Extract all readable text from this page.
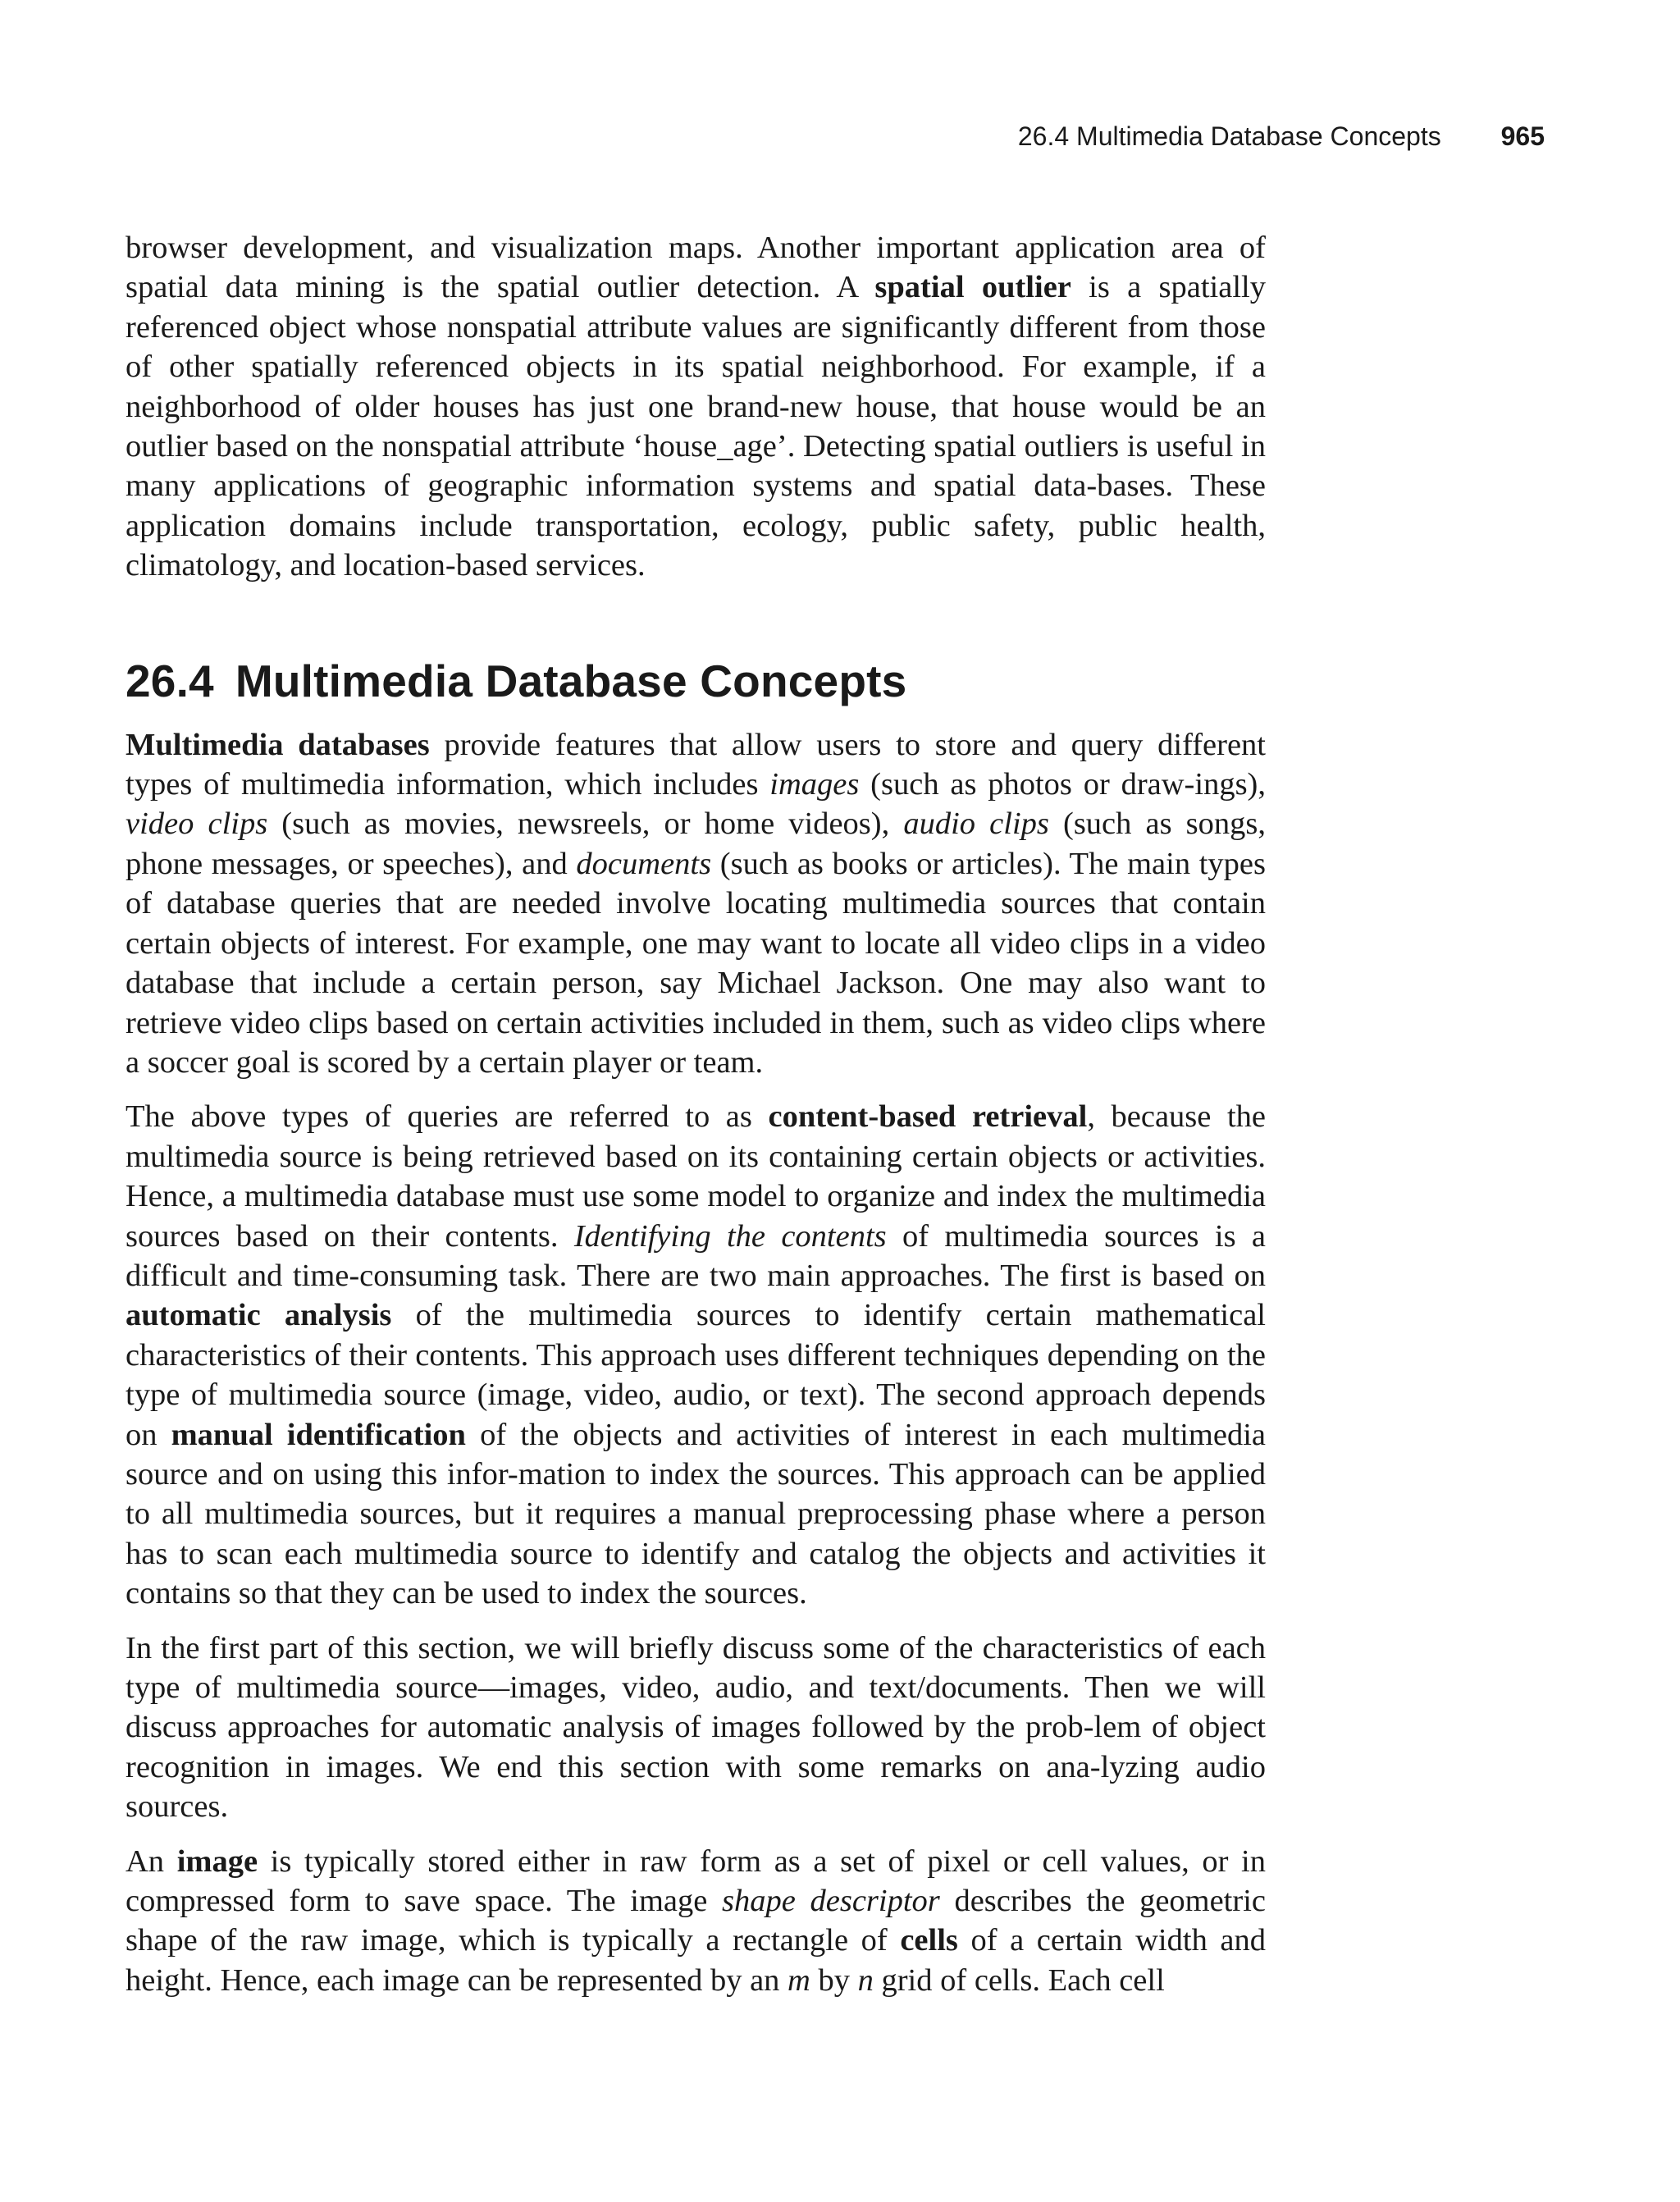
26.4 Multimedia Database Concepts 965

browser development, and visualization maps. Another important application area of spatial data mining is the spatial outlier detection. A spatial outlier is a spatially referenced object whose nonspatial attribute values are significantly different from those of other spatially referenced objects in its spatial neighborhood. For example, if a neighborhood of older houses has just one brand-new house, that house would be an outlier based on the nonspatial attribute ‘house_age’. Detecting spatial outliers is useful in many applications of geographic information systems and spatial data-bases. These application domains include transportation, ecology, public safety, public health, climatology, and location-based services.

26.4 Multimedia Database Concepts

Multimedia databases provide features that allow users to store and query different types of multimedia information, which includes images (such as photos or draw-ings), video clips (such as movies, newsreels, or home videos), audio clips (such as songs, phone messages, or speeches), and documents (such as books or articles). The main types of database queries that are needed involve locating multimedia sources that contain certain objects of interest. For example, one may want to locate all video clips in a video database that include a certain person, say Michael Jackson. One may also want to retrieve video clips based on certain activities included in them, such as video clips where a soccer goal is scored by a certain player or team.

The above types of queries are referred to as content-based retrieval, because the multimedia source is being retrieved based on its containing certain objects or activities. Hence, a multimedia database must use some model to organize and index the multimedia sources based on their contents. Identifying the contents of multimedia sources is a difficult and time-consuming task. There are two main approaches. The first is based on automatic analysis of the multimedia sources to identify certain mathematical characteristics of their contents. This approach uses different techniques depending on the type of multimedia source (image, video, audio, or text). The second approach depends on manual identification of the objects and activities of interest in each multimedia source and on using this infor-mation to index the sources. This approach can be applied to all multimedia sources, but it requires a manual preprocessing phase where a person has to scan each multimedia source to identify and catalog the objects and activities it contains so that they can be used to index the sources.

In the first part of this section, we will briefly discuss some of the characteristics of each type of multimedia source—images, video, audio, and text/documents. Then we will discuss approaches for automatic analysis of images followed by the prob-lem of object recognition in images. We end this section with some remarks on ana-lyzing audio sources.

An image is typically stored either in raw form as a set of pixel or cell values, or in compressed form to save space. The image shape descriptor describes the geometric shape of the raw image, which is typically a rectangle of cells of a certain width and height. Hence, each image can be represented by an m by n grid of cells. Each cell
